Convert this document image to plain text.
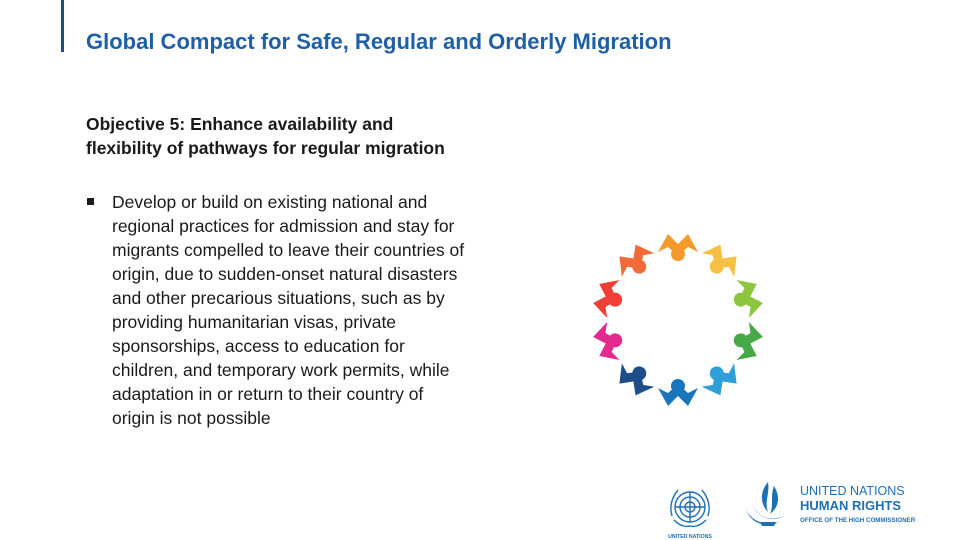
Global Compact for Safe, Regular and Orderly Migration

Objective 5: Enhance availability and flexibility of pathways for regular migration

Develop or build on existing national and regional practices for admission and stay for migrants compelled to leave their countries of origin, due to sudden-onset natural disasters and other precarious situations, such as by providing humanitarian visas, private sponsorships, access to education for children, and temporary work permits, while adaptation in or return to their country of origin is not possible
UNITED NATIONS
UNITED NATIONS
HUMAN RIGHTS
OFFICE OF THE HIGH COMMISSIONER
